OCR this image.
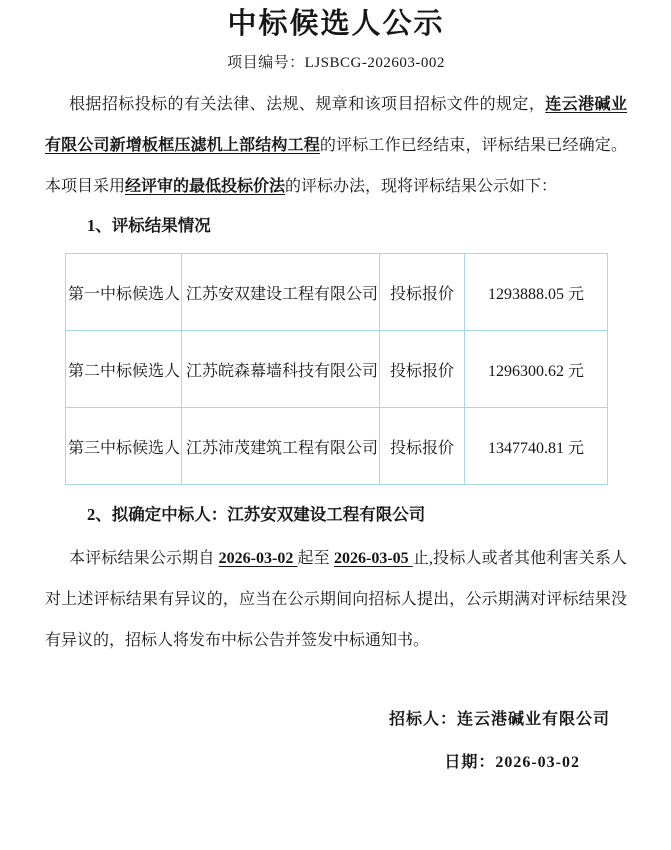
中标候选人公示
项目编号：LJSBCG-202603-002

根据招标投标的有关法律、法规、规章和该项目招标文件的规定，连云港碱业有限公司新增板框压滤机上部结构工程的评标工作已经结束，评标结果已经确定。本项目采用经评审的最低投标价法的评标办法，现将评标结果公示如下：

1、评标结果情况
第一中标候选人	江苏安双建设工程有限公司	投标报价	1293888.05 元
第二中标候选人	江苏皖森幕墙科技有限公司	投标报价	1296300.62 元
第三中标候选人	江苏沛茂建筑工程有限公司	投标报价	1347740.81 元
2、拟确定中标人：江苏安双建设工程有限公司

本评标结果公示期自 2026-03-02 起至 2026-03-05 止,投标人或者其他利害关系人对上述评标结果有异议的，应当在公示期间向招标人提出，公示期满对评标结果没有异议的，招标人将发布中标公告并签发中标通知书。

招标人：连云港碱业有限公司
日期：2026-03-02
